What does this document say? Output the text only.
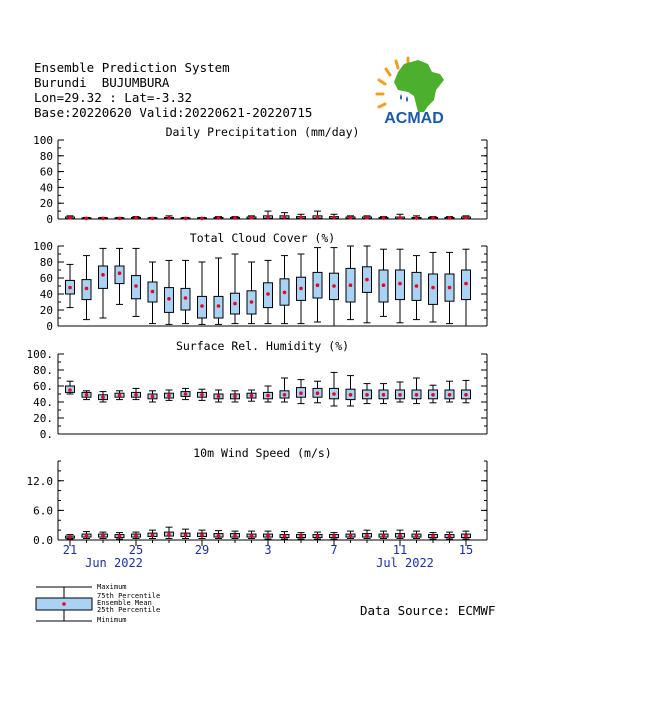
Ensemble Prediction System
Burundi  BUJUMBURA
Lon=29.32 : Lat=-3.32
Base:20220620 Valid:20220621-20220715	ACMAD
0
20
40
60
80
100
Daily Precipitation (mm/day)
0
20
40
60
80
100
Total Cloud Cover (%)
0.
20.
40.
60.
80.
100.
Surface Rel. Humidity (%)
0.0
6.0
12.0
10m Wind Speed (m/s)
21	25	29	3	7	11	15
Jun 2022	Jul 2022
Maximum
75th Percentile
Ensemble Mean
25th Percentile
Minimum
Data Source: ECMWF
